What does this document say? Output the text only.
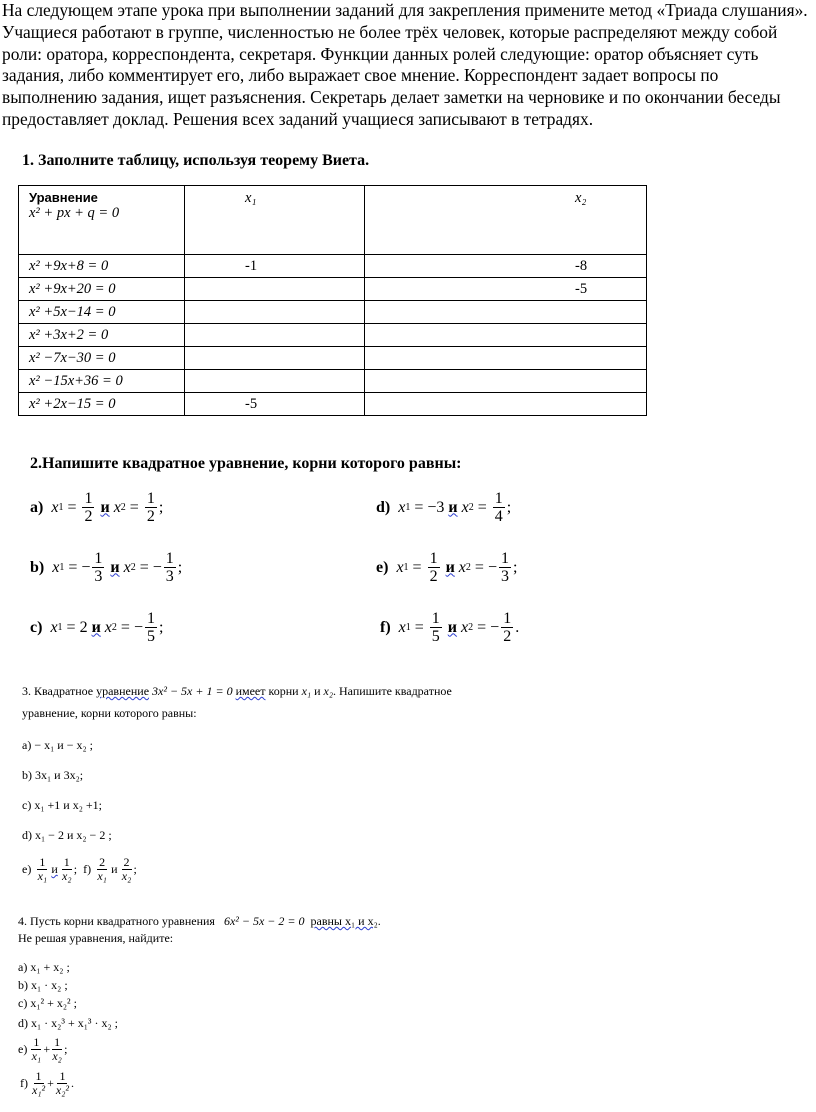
На следующем этапе урока при выполнении заданий для закрепления примените метод «Триада слушания».

Учащиеся работают в группе, численностью не более трёх человек, которые распределяют между собой роли: оратора, корреспондента, секретаря. Функции данных ролей следующие: оратор объясняет суть задания, либо комментирует его, либо выражает свое мнение. Корреспондент задает вопросы по выполнению задания, ищет разъяснения. Секретарь делает заметки на черновике и по окончании беседы предоставляет доклад. Решения всех заданий учащиеся записывают в тетрадях.

1. Заполните таблицу, используя теорему Виета.
Уравнение
x² + px + q = 0	x₁	x₂
x² +9x+8 = 0	-1	-8
x² +9x+20 = 0		-5
x² +5x−14 = 0		
x² +3x+2 = 0		
x² −7x−30 = 0		
x² −15x+36 = 0		
x² +2x−15 = 0	-5	
2.Напишите квадратное уравнение, корни которого равны:
а) x $1 = \frac{1}{2}$
и
x $2 = \frac{1}{2}$ ;
b) x 1 = − $\frac{1}{3}$
и
x 2 = − $\frac{1}{3}$ ;
c) x 1 = 2
и
x 2 = − $\frac{1}{5}$ ;
d) x 1 = −3
и
x $2 = \frac{1}{4}$ ;
e) x $1 = \frac{1}{2}$
и
x 2 = − $\frac{1}{3}$ ;
f) x $1 = \frac{1}{5}$
и
x 2 = − $\frac{1}{2}$ .
3. Квадратное уравнение 3x² − 5x + 1 = 0 имеет корни x₁ и x₂. Напишите квадратное
уравнение, корни которого равны:
а) − x₁ и − x₂ ;
b) 3x₁ и 3x₂;
c) x₁ +1 и x₂ +1;
d) x₁ − 2 и x₂ − 2 ;
e) 1
x₁ и 1
x₂ ; f) 2
x₁ и 2
x₂ ;
4. Пусть корни квадратного уравнения 6x² − 5x − 2 = 0 равны x₁ и x₂.
Не решая уравнения, найдите:
а) x₁ + x₂ ;
b) x₁ · x₂ ;
c) x₁² + x₂² ;
d) x₁ · x₂³ + x₁³ · x₂ ;
e) 1
$x_1 + \frac{1}{\text{x₂}}$ ;
f) 1
$x_1^2 + \frac{1}{\text{x₂²}}$ .
